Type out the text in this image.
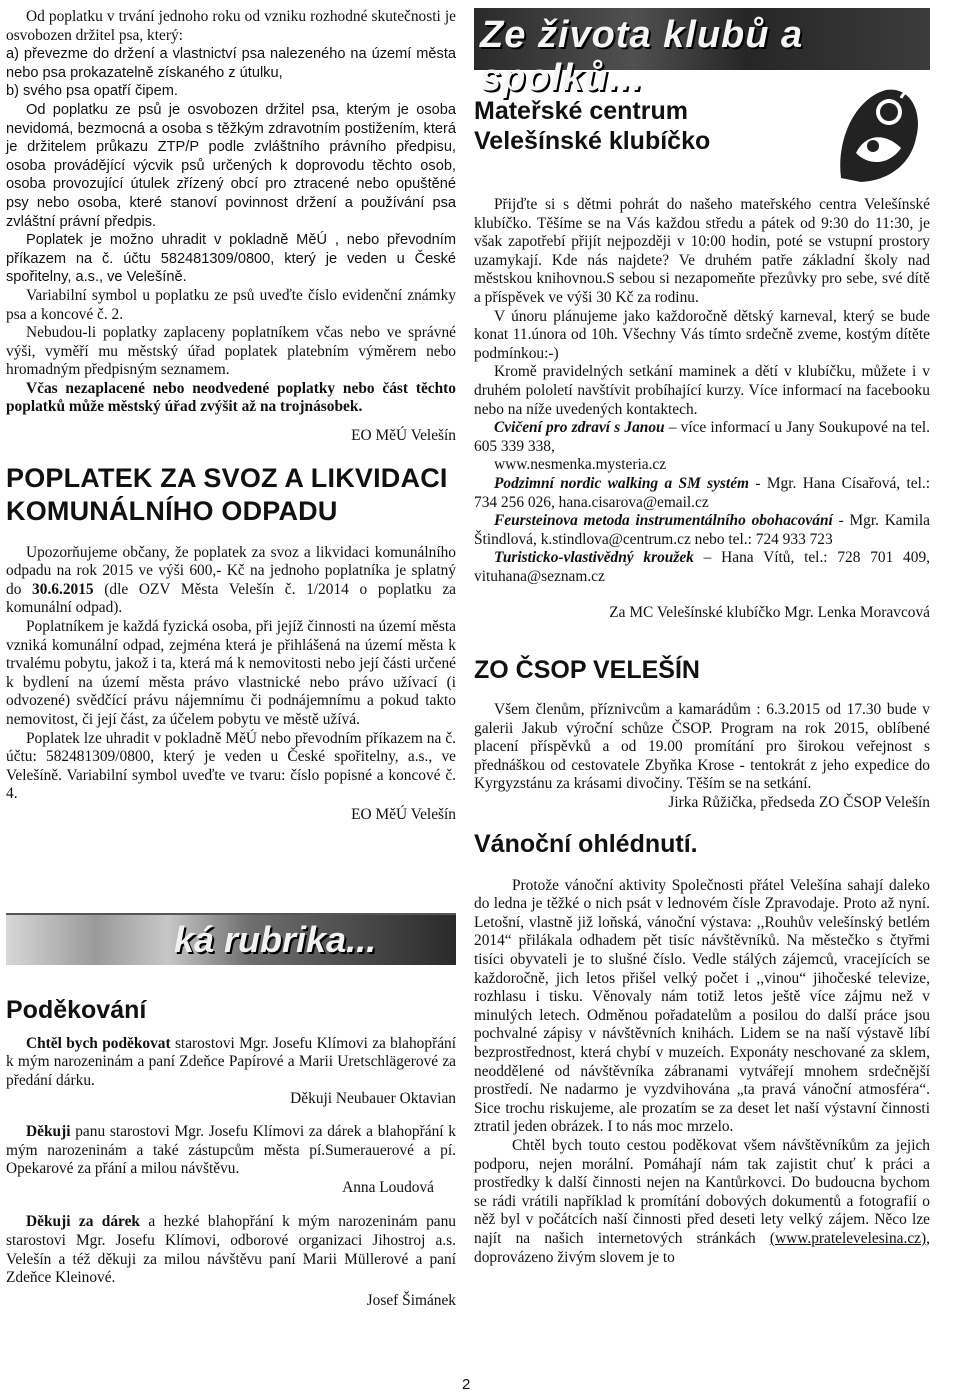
Od poplatku v trvání jednoho roku od vzniku rozhodné skutečnosti je osvobozen držitel psa, který:

a) převezme do držení a vlastnictví psa nalezeného na území města nebo psa prokazatelně získaného z útulku,

b) svého psa opatří čipem.

Od poplatku ze psů je osvobozen držitel psa, kterým je osoba nevidomá, bezmocná a osoba s těžkým zdravotním postižením, která je držitelem průkazu ZTP/P podle zvláštního právního předpisu, osoba provádějící výcvik psů určených k doprovodu těchto osob, osoba provozující útulek zřízený obcí pro ztracené nebo opuštěné psy nebo osoba, které stanoví povinnost držení a používání psa zvláštní právní předpis.

Poplatek je možno uhradit v pokladně MěÚ , nebo převodním příkazem na č. účtu 582481309/0800, který je veden u České spořitelny, a.s., ve Velešíně.

Variabilní symbol u poplatku ze psů uveďte číslo evidenční známky psa a koncové č. 2.

Nebudou-li poplatky zaplaceny poplatníkem včas nebo ve správné výši, vyměří mu městský úřad poplatek platebním výměrem nebo hromadným předpisným seznamem.

Včas nezaplacené nebo neodvedené poplatky nebo část těchto poplatků může městský úřad zvýšit až na trojnásobek.

EO MěÚ Velešín

POPLATEK ZA SVOZ A LIKVIDACI
KOMUNÁLNÍHO ODPADU

Upozorňujeme občany, že poplatek za svoz a likvidaci komunálního odpadu na rok 2015 ve výši 600,- Kč na jednoho poplatníka je splatný do 30.6.2015 (dle OZV Města Velešín č. 1/2014 o poplatku za komunální odpad).

Poplatníkem je každá fyzická osoba, při jejíž činnosti na území města vzniká komunální odpad, zejména která je přihlášená na území města k trvalému pobytu, jakož i ta, která má k nemovitosti nebo její části určené k bydlení na území města právo vlastnické nebo právo užívací (i odvozené) svědčící právu nájemnímu či podnájemnímu a pokud takto nemovitost, či její část, za účelem pobytu ve městě užívá.

Poplatek lze uhradit v pokladně MěÚ nebo převodním příkazem na č. účtu: 582481309/0800, který je veden u České spořitelny, a.s., ve Velešíně. Variabilní symbol uveďte ve tvaru: číslo popisné a koncové č. 4.

EO MěÚ Velešín

ká rubrika...
Poděkování

Chtěl bych poděkovat starostovi Mgr. Josefu Klímovi za blahopřání k mým narozeninám a paní Zdeňce Papírové a Marii Uretschlägerové za předání dárku.

Děkuji Neubauer Oktavian

Děkuji panu starostovi Mgr. Josefu Klímovi za dárek a blahopřání k mým narozeninám a také zástupcům města pí.Sumerauerové a pí. Opekarové za přání a milou návštěvu.

Anna Loudová

Děkuji za dárek a hezké blahopřání k mým narozeninám panu starostovi Mgr. Josefu Klímovi, odborové organizaci Jihostroj a.s. Velešín a též děkuji za milou návštěvu paní Marii Müllerové a paní Zdeňce Kleinové.

Josef Šimánek

Ze života klubů a spolků...
Mateřské centrum
Velešínské klubíčko

Přijďte si s dětmi pohrát do našeho mateřského centra Velešínské klubíčko. Těšíme se na Vás každou středu a pátek od 9:30 do 11:30, je však zapotřebí přijít nejpozději v 10:00 hodin, poté se vstupní prostory uzamykají. Kde nás najdete? Ve druhém patře základní školy nad městskou knihovnou.S sebou si nezapomeňte přezůvky pro sebe, své dítě a příspěvek ve výši 30 Kč za rodinu.

V únoru plánujeme jako každoročně dětský karneval, který se bude konat 11.února od 10h. Všechny Vás tímto srdečně zveme, kostým dítěte podmínkou:-)

Kromě pravidelných setkání maminek a dětí v klubíčku, můžete i v druhém pololetí navštívit probíhající kurzy. Více informací na facebooku nebo na níže uvedených kontaktech.

Cvičení pro zdraví s Janou – více informací u Jany Soukupové na tel. 605 339 338,

www.nesmenka.mysteria.cz

Podzimní nordic walking a SM systém - Mgr. Hana Císařová, tel.: 734 256 026, hana.cisarova@email.cz

Feursteinova metoda instrumentálního obohacování - Mgr. Kamila Štindlová, k.stindlova@centrum.cz nebo tel.: 724 933 723

Turisticko-vlastivědný kroužek – Hana Vítů, tel.: 728 701 409, vituhana@seznam.cz

Za MC Velešínské klubíčko Mgr. Lenka Moravcová

ZO ČSOP VELEŠÍN

Všem členům, příznivcům a kamarádům : 6.3.2015 od 17.30 bude v galerii Jakub výroční schůze ČSOP. Program na rok 2015, oblíbené placení příspěvků a od 19.00 promítání pro širokou veřejnost s přednáškou od cestovatele Zbyňka Krose - tentokrát z jeho expedice do Kyrgyzstánu za krásami divočiny. Těším se na setkání.

Jirka Růžička, předseda ZO ČSOP Velešín

Vánoční ohlédnutí.

Protože vánoční aktivity Společnosti přátel Velešína sahají daleko do ledna je těžké o nich psát v lednovém čísle Zpravodaje. Proto až nyní. Letošní, vlastně již loňská, vánoční výstava: ,,Rouhův velešínský betlém 2014“ přilákala odhadem pět tisíc návštěvníků. Na městečko s čtyřmi tisíci obyvateli je to slušné číslo. Vedle stálých zájemců, vracejících se každoročně, jich letos přišel velký počet i ,,vinou“ jihočeské televize, rozhlasu i tisku. Věnovaly nám totiž letos ještě více zájmu než v minulých letech. Odměnou pořadatelům a posilou do další práce jsou pochvalné zápisy v návštěvních knihách. Lidem se na naší výstavě líbí bezprostřednost, která chybí v muzeích. Exponáty neschované za sklem, neoddělené od návštěvníka zábranami vytvářejí mnohem srdečnější prostředí. Ne nadarmo je vyzdvihována „ta pravá vánoční atmosféra“. Sice trochu riskujeme, ale prozatím se za deset let naší výstavní činnosti ztratil jeden obrázek. I to nás moc mrzelo.

Chtěl bych touto cestou poděkovat všem návštěvníkům za jejich podporu, nejen morální. Pomáhají nám tak zajistit chuť k práci a prostředky k další činnosti nejen na Kantůrkovci. Do budoucna bychom se rádi vrátili například k promítání dobových dokumentů a fotografií o něž byl v počátcích naší činnosti před deseti lety velký zájem. Něco lze najít na našich internetových stránkách (www.pratelevelesina.cz), doprovázeno živým slovem je to

2
